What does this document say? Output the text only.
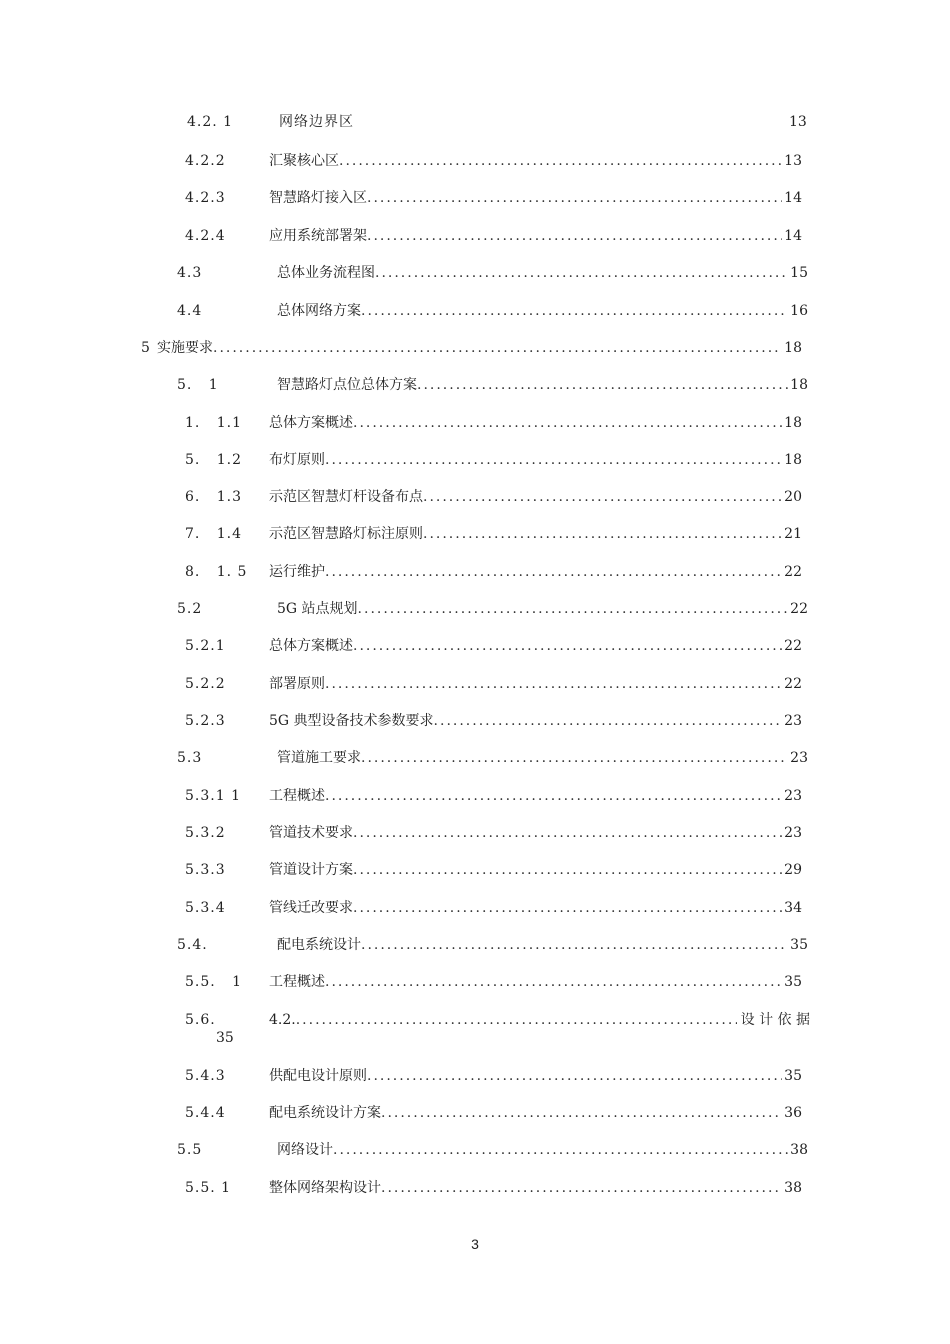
4.2. 1	网络边界区	13
4.2.2	汇聚核心区 .....	13
4.2.3	智慧路灯接入区 .....	14
4.2.4	应用系统部署架 .....	14
4.3	总体业务流程图 .....	15
4.4	总体网络方案 .....	16
5 实施要求 .....	18
5.   1	智慧路灯点位总体方案 .....	18
1.   1.1 总体方案概述 .....	18
5.   1.2 布灯原则 .....	18
6.   1.3 示范区智慧灯杆设备布点 .....	20
7.   1.4 示范区智慧路灯标注原则 .....	21
8.   1. 5 运行维护 .....	22
5.2	5G 站点规划 .....	22
5.2.1	总体方案概述 .....	22
5.2.2	部署原则 .....	22
5.2.3	5G 典型设备技术参数要求 .....	23
5.3	管道施工要求 .....	23
5.3.1 1 工程概述 .....	23
5.3.2	管道技术要求 .....	23
5.3.3	管道设计方案 .....	29
5.3.4	管线迁改要求 .....	34
5.4.	配电系统设计 .....	35
5.5.   1 工程概述 .....	35
5.6.	4.2. .....	设 计 依 据
35
5.4.3	供配电设计原则 .....	35
5.4.4	配电系统设计方案 .....	36
5.5	网络设计 .....	38
5.5. 1	整体网络架构设计 .....	38
3
